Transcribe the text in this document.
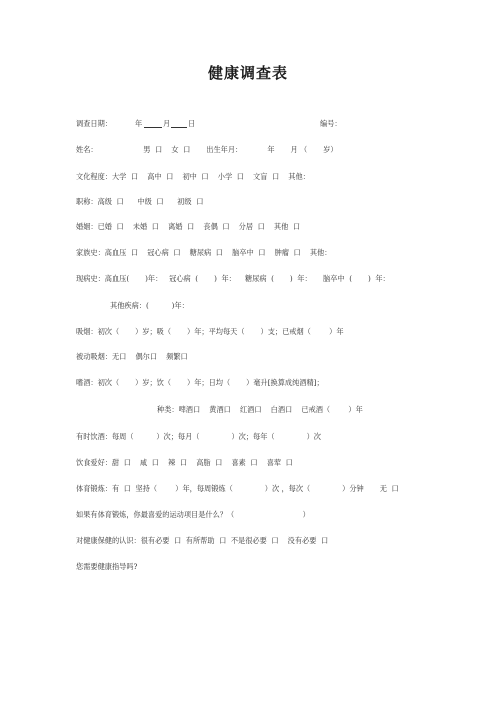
健康调查表
调查日期：	年	月 日	编号：
姓名：                    男  口    女  口       出生年月：           年       月 （       岁）
文化程度：大学  口    高中  口    初中  口    小学  口    文盲  口    其他：
职称：高级  口      中级  口      初级  口
婚姻：已婚  口    未婚  口    离婚  口    丧偶  口    分居  口    其他  口
家族史：高血压  口    冠心病  口    糖尿病  口    脑卒中  口    肿瘤  口    其他：
现病史：高血压(       )年：   冠心病  (       )  年：    糖尿病  (       )  年：     脑卒中  (       )  年：
其他疾病：(          )年：
吸烟：初次（       ）岁；吸（       ）年；平均每天（       ）支；已戒烟（        ）年
被动吸烟：无口    偶尔口    频繁口
嗜酒：初次（       ）岁；饮（       ）年；日均（       ）毫升[换算成纯酒精]；
种类：啤酒口    黄酒口    红酒口    白酒口    已戒酒（        ）年
有时饮酒：每周（          ）次；每月（              ）次；每年（              ）次
饮食爱好：甜  口    咸  口    辣  口    高脂  口    喜素  口    喜荤  口
体育锻炼：有  口  坚持（        ）年，每周锻炼（              ）次 ，每次（              ）分钟       无  口
如果有体育锻炼，你最喜爱的运动项目是什么？（                              ）
对健康保健的认识：很有必要  口  有所帮助  口  不是很必要  口    没有必要  口
您需要健康指导吗?
